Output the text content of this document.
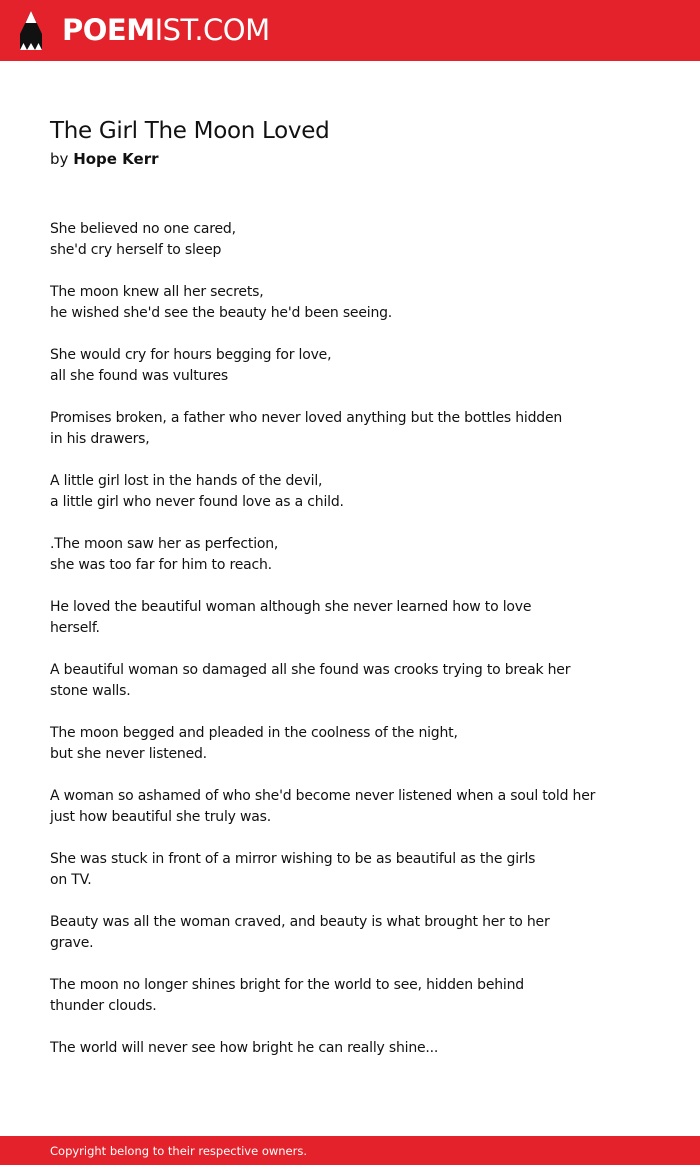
POEMIST.COM
The Girl The Moon Loved
by Hope Kerr
She believed no one cared,
she'd cry herself to sleep
The moon knew all her secrets,
he wished she'd see the beauty he'd been seeing.
She would cry for hours begging for love,
all she found was vultures
Promises broken, a father who never loved anything but the bottles hidden
in his drawers,
A little girl lost in the hands of the devil,
a little girl who never found love as a child.
.The moon saw her as perfection,
she was too far for him to reach.
He loved the beautiful woman although she never learned how to love
herself.
A beautiful woman so damaged all she found was crooks trying to break her
stone walls.
The moon begged and pleaded in the coolness of the night,
but she never listened.
A woman so ashamed of who she'd become never listened when a soul told her
just how beautiful she truly was.
She was stuck in front of a mirror wishing to be as beautiful as the girls
on TV.
Beauty was all the woman craved, and beauty is what brought her to her
grave.
The moon no longer shines bright for the world to see, hidden behind
thunder clouds.
The world will never see how bright he can really shine...
Copyright belong to their respective owners.
